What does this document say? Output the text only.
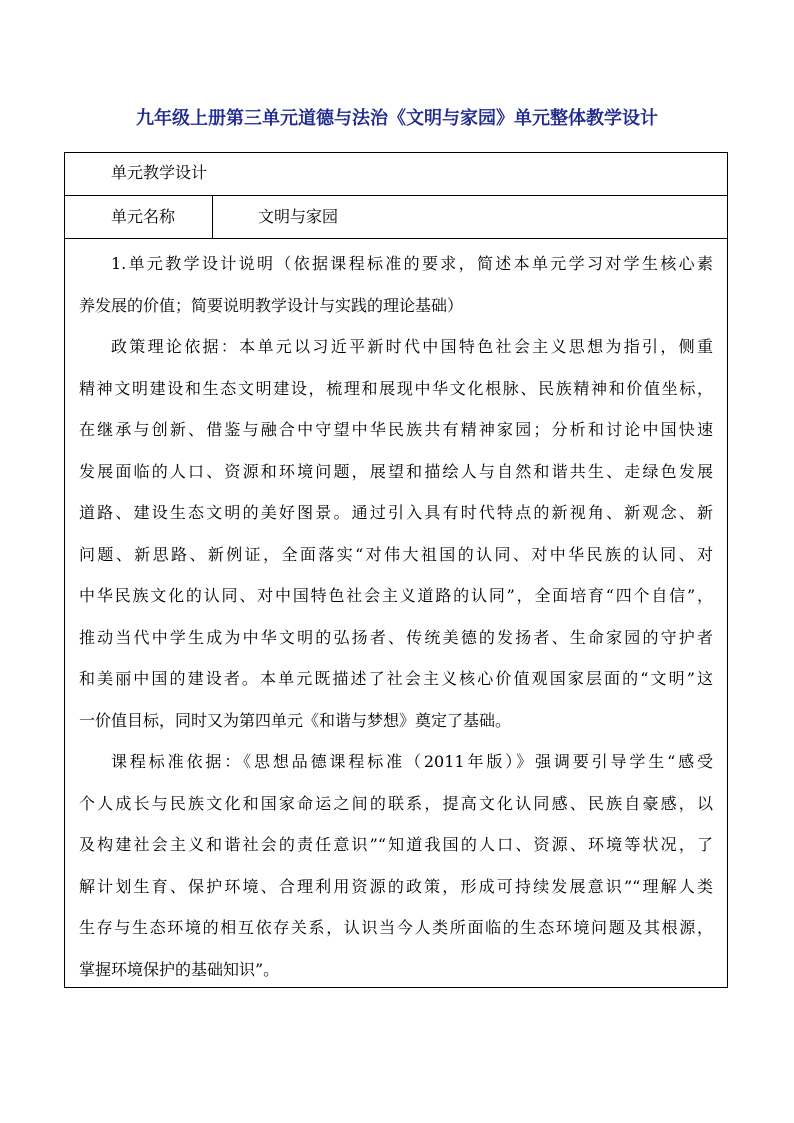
九年级上册第三单元道德与法治《文明与家园》单元整体教学设计
单元教学设计
单元名称	文明与家园

1.单元教学设计说明（依据课程标准的要求，简述本单元学习对学生核心素
养发展的价值；简要说明教学设计与实践的理论基础）

政策理论依据：本单元以习近平新时代中国特色社会主义思想为指引，侧重
精神文明建设和生态文明建设，梳理和展现中华文化根脉、民族精神和价值坐标，
在继承与创新、借鉴与融合中守望中华民族共有精神家园；分析和讨论中国快速
发展面临的人口、资源和环境问题，展望和描绘人与自然和谐共生、走绿色发展
道路、建设生态文明的美好图景。通过引入具有时代特点的新视角、新观念、新
问题、新思路、新例证，全面落实“对伟大祖国的认同、对中华民族的认同、对
中华民族文化的认同、对中国特色社会主义道路的认同”，全面培育“四个自信”，
推动当代中学生成为中华文明的弘扬者、传统美德的发扬者、生命家园的守护者
和美丽中国的建设者。本单元既描述了社会主义核心价值观国家层面的“文明”这
一价值目标，同时又为第四单元《和谐与梦想》奠定了基础。

课程标准依据：《思想品德课程标准（2011年版）》强调要引导学生“感受
个人成长与民族文化和国家命运之间的联系，提高文化认同感、民族自豪感，以
及构建社会主义和谐社会的责任意识”“知道我国的人口、资源、环境等状况，了
解计划生育、保护环境、合理利用资源的政策，形成可持续发展意识”“理解人类
生存与生态环境的相互依存关系，认识当今人类所面临的生态环境问题及其根源，
掌握环境保护的基础知识”。
